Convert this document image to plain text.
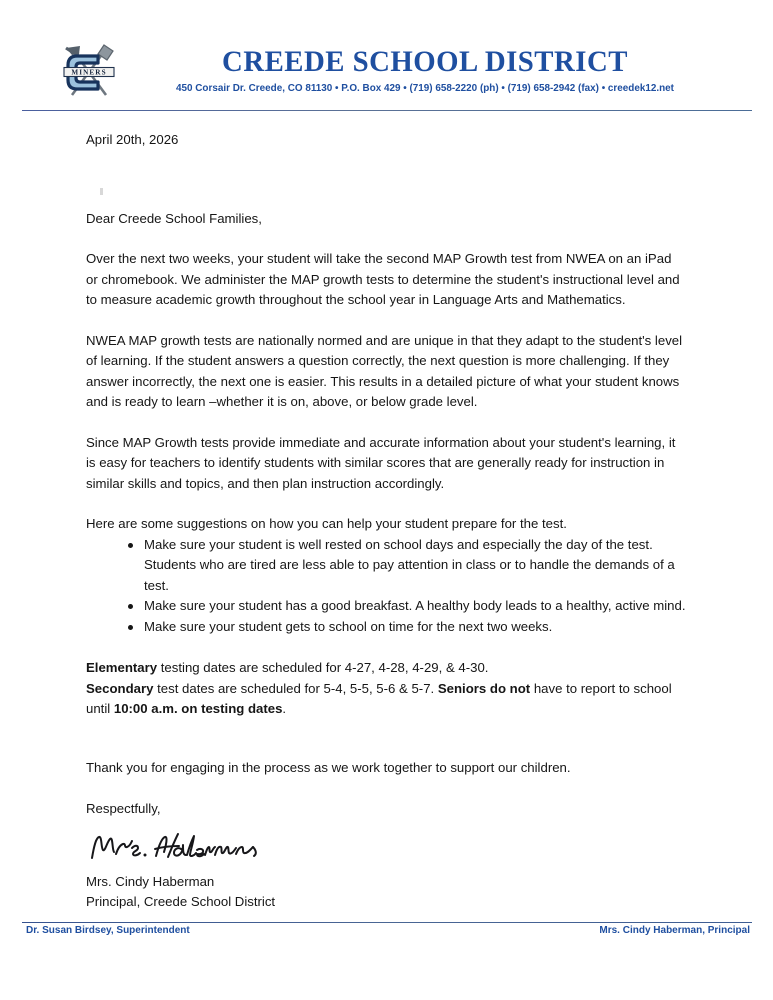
MINERS	CREEDE SCHOOL DISTRICT
450 Corsair Dr. Creede, CO 81130 • P.O. Box 429 • (719) 658-2220 (ph) • (719) 658-2942 (fax) • creedek12.net

April 20th, 2026

Dear Creede School Families,

Over the next two weeks, your student will take the second MAP Growth test from NWEA on an iPad or chromebook. We administer the MAP growth tests to determine the student's instructional level and to measure academic growth throughout the school year in Language Arts and Mathematics.

NWEA MAP growth tests are nationally normed and are unique in that they adapt to the student's level of learning. If the student answers a question correctly, the next question is more challenging. If they answer incorrectly, the next one is easier. This results in a detailed picture of what your student knows and is ready to learn –whether it is on, above, or below grade level.

Since MAP Growth tests provide immediate and accurate information about your student's learning, it is easy for teachers to identify students with similar scores that are generally ready for instruction in similar skills and topics, and then plan instruction accordingly.

Here are some suggestions on how you can help your student prepare for the test.

Make sure your student is well rested on school days and especially the day of the test. Students who are tired are less able to pay attention in class or to handle the demands of a test.
Make sure your student has a good breakfast. A healthy body leads to a healthy, active mind.
Make sure your student gets to school on time for the next two weeks.

Elementary testing dates are scheduled for 4-27, 4-28, 4-29, & 4-30.
Secondary test dates are scheduled for 5-4, 5-5, 5-6 & 5-7. Seniors do not have to report to school until 10:00 a.m. on testing dates.

Thank you for engaging in the process as we work together to support our children.

Respectfully,

Mrs. Cindy Haberman
Principal, Creede School District

Dr. Susan Birdsey, Superintendent	Mrs. Cindy Haberman, Principal
